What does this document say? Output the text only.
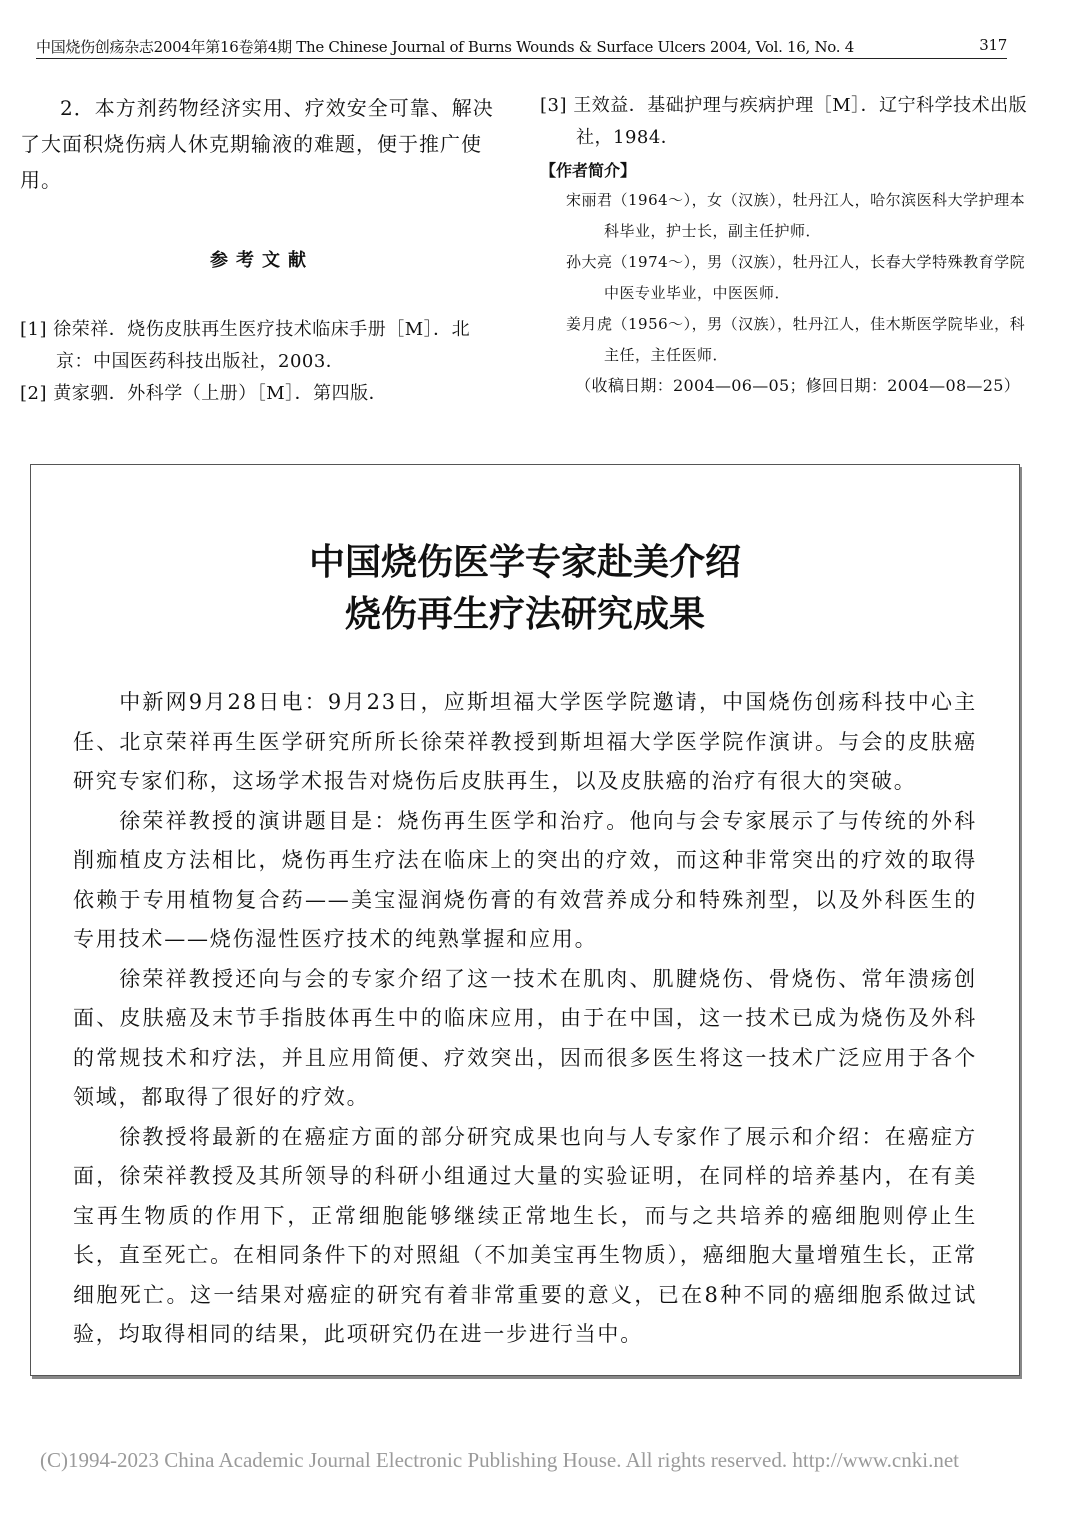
中国烧伤创疡杂志2004年第16卷第4期 The Chinese Journal of Burns Wounds & Surface Ulcers 2004, Vol. 16, No. 4	317

2．本方剂药物经济实用、疗效安全可靠、解决了大面积烧伤病人休克期输液的难题，便于推广使用。

参考文献

[1] 徐荣祥．烧伤皮肤再生医疗技术临床手册［M］．北京：中国医药科技出版社，2003．

[2] 黄家驷．外科学（上册）［M］．第四版．

[3] 王效益．基础护理与疾病护理［M］．辽宁科学技术出版社，1984．

【作者简介】

宋丽君（1964～），女（汉族），牡丹江人，哈尔滨医科大学护理本科毕业，护士长，副主任护师．

孙大亮（1974～），男（汉族），牡丹江人，长春大学特殊教育学院中医专业毕业，中医医师．

姜月虎（1956～），男（汉族），牡丹江人，佳木斯医学院毕业，科主任，主任医师．

（收稿日期：2004—06—05；修回日期：2004—08—25）

中国烧伤医学专家赴美介绍
烧伤再生疗法研究成果

中新网9月28日电：9月23日，应斯坦福大学医学院邀请，中国烧伤创疡科技中心主任、北京荣祥再生医学研究所所长徐荣祥教授到斯坦福大学医学院作演讲。与会的皮肤癌研究专家们称，这场学术报告对烧伤后皮肤再生，以及皮肤癌的治疗有很大的突破。

徐荣祥教授的演讲题目是：烧伤再生医学和治疗。他向与会专家展示了与传统的外科削痂植皮方法相比，烧伤再生疗法在临床上的突出的疗效，而这种非常突出的疗效的取得依赖于专用植物复合药——美宝湿润烧伤膏的有效营养成分和特殊剂型，以及外科医生的专用技术——烧伤湿性医疗技术的纯熟掌握和应用。

徐荣祥教授还向与会的专家介绍了这一技术在肌肉、肌腱烧伤、骨烧伤、常年溃疡创面、皮肤癌及末节手指肢体再生中的临床应用，由于在中国，这一技术已成为烧伤及外科的常规技术和疗法，并且应用简便、疗效突出，因而很多医生将这一技术广泛应用于各个领域，都取得了很好的疗效。

徐教授将最新的在癌症方面的部分研究成果也向与人专家作了展示和介绍：在癌症方面，徐荣祥教授及其所领导的科研小组通过大量的实验证明，在同样的培养基内，在有美宝再生物质的作用下，正常细胞能够继续正常地生长，而与之共培养的癌细胞则停止生长，直至死亡。在相同条件下的对照組（不加美宝再生物质），癌细胞大量增殖生长，正常细胞死亡。这一结果对癌症的研究有着非常重要的意义，已在8种不同的癌细胞系做过试验，均取得相同的结果，此项研究仍在进一步进行当中。

(C)1994-2023 China Academic Journal Electronic Publishing House. All rights reserved. http://www.cnki.net
